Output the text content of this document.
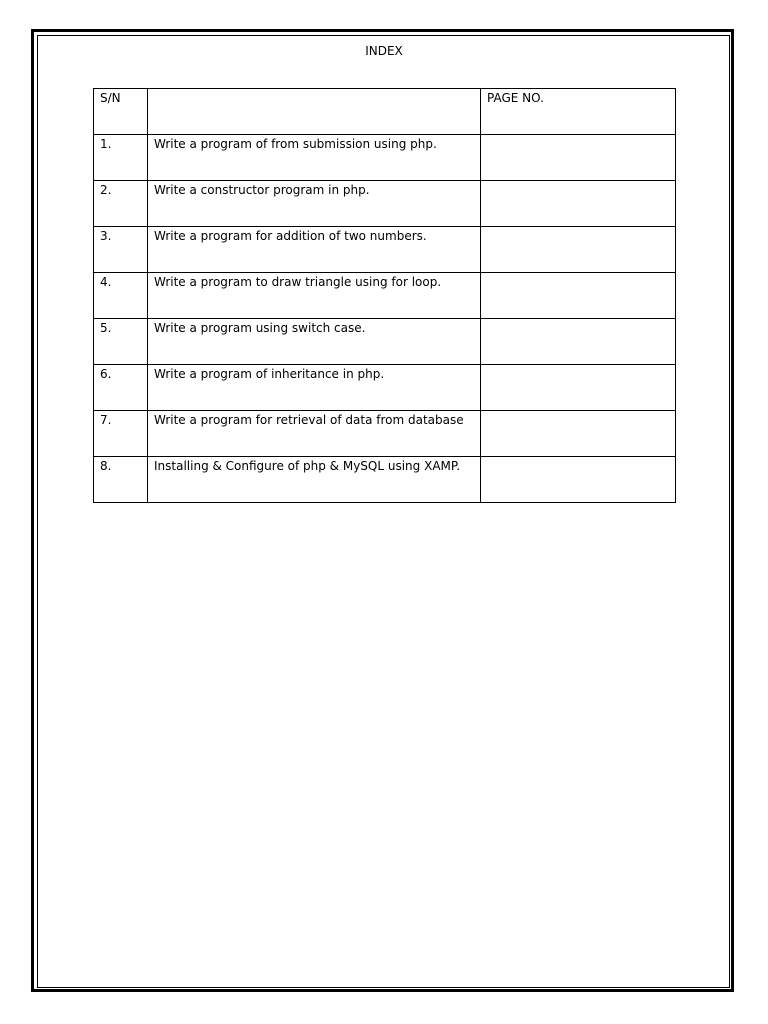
INDEX
S/N		PAGE NO.
1.	Write a program of from submission using php.	
2.	Write a constructor program in php.	
3.	Write a program for addition of two numbers.	
4.	Write a program to draw triangle using for loop.	
5.	Write a program using switch case.	
6.	Write a program of inheritance in php.	
7.	Write a program for retrieval of data from database	
8.	Installing & Configure of php & MySQL using XAMP.	
